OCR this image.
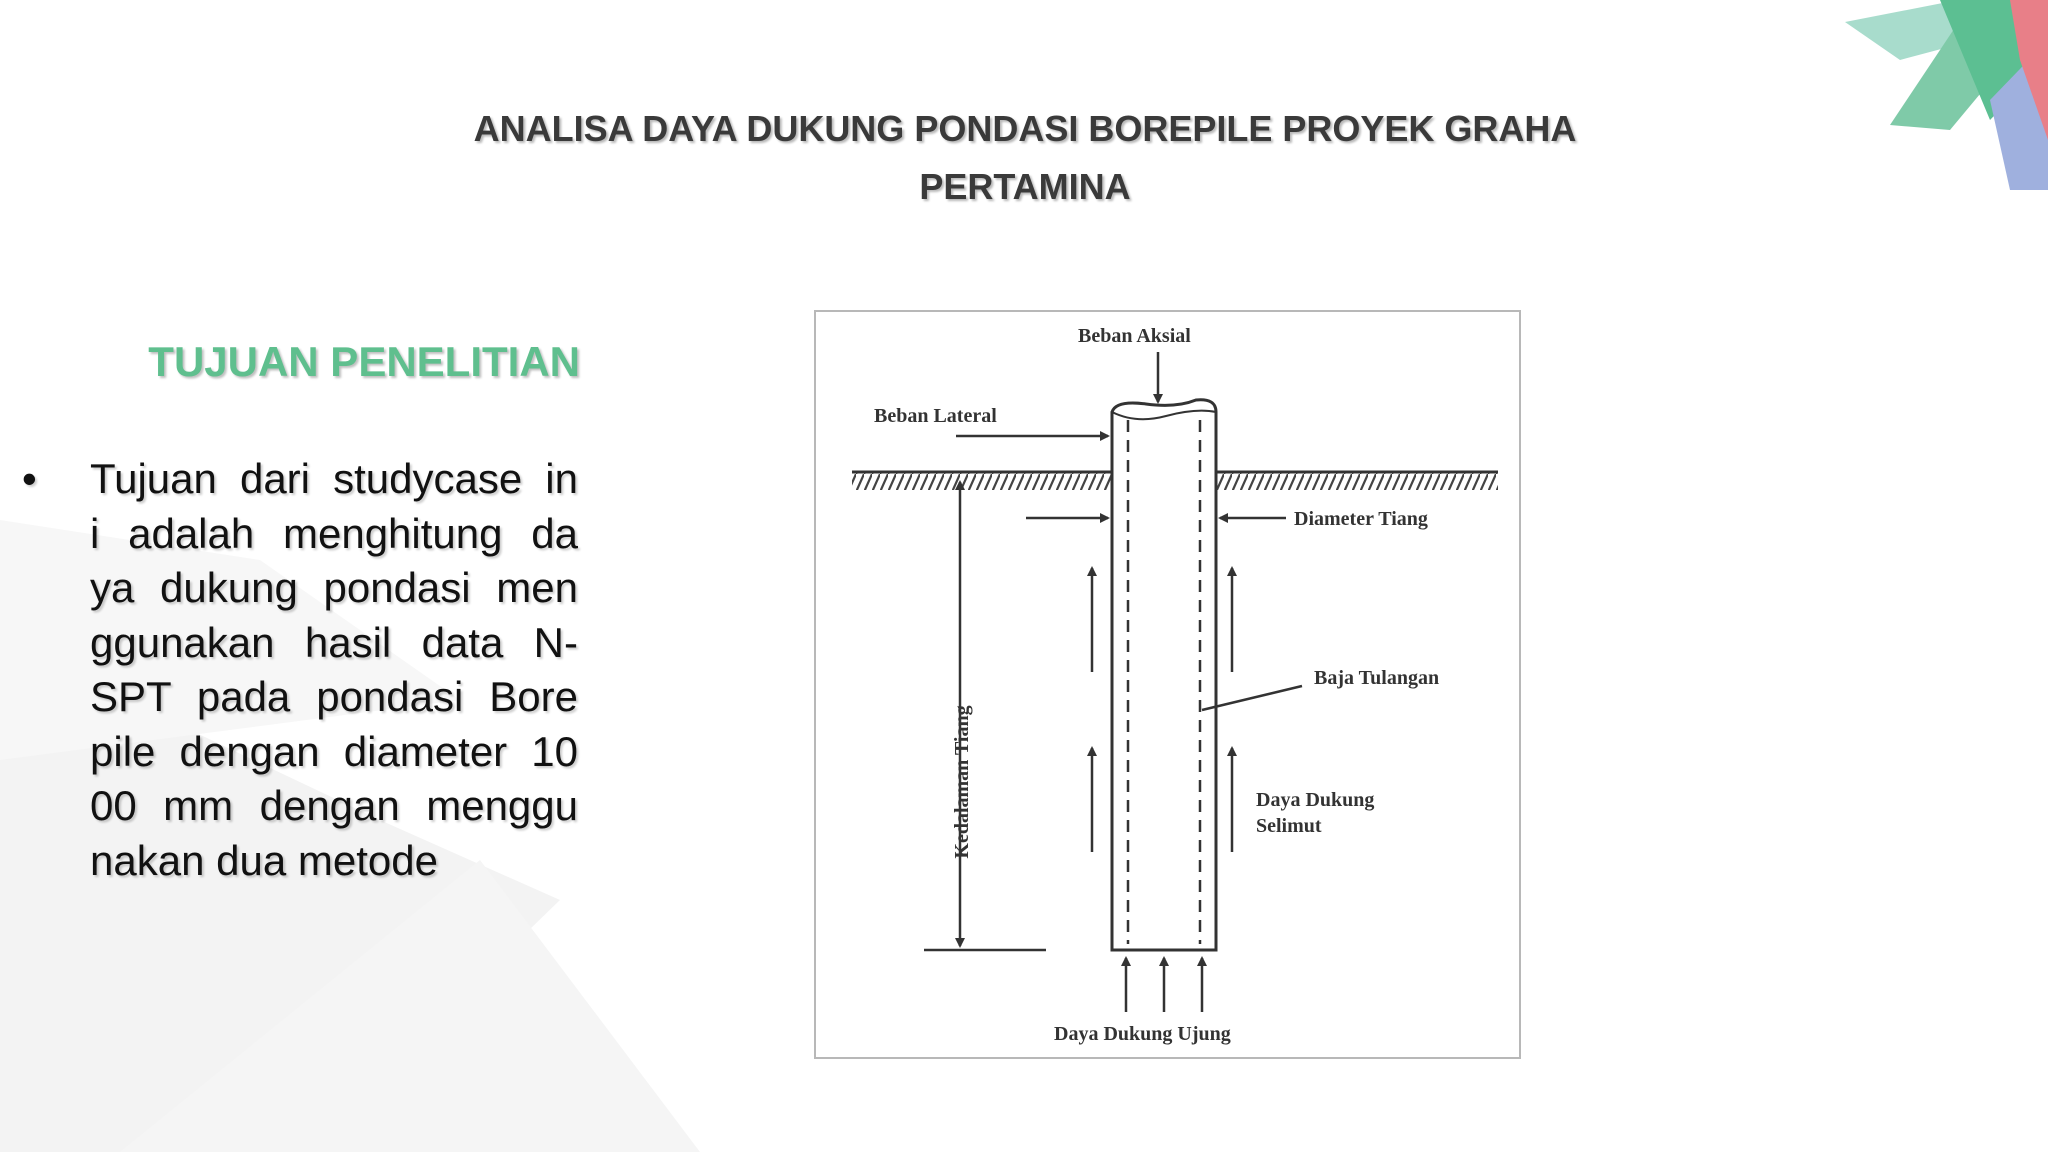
ANALISA DAYA DUKUNG PONDASI BOREPILE PROYEK GRAHA
PERTAMINA
TUJUAN PENELITIAN
•	Tujuan dari studycase in
i adalah menghitung da
ya dukung pondasi men
ggunakan hasil data N-
SPT pada pondasi Bore
pile dengan diameter 10
00 mm dengan menggu
nakan dua metode
Beban Aksial
Beban Lateral
Diameter Tiang
Kedalaman Tiang
Baja Tulangan
Daya Dukung
Selimut
Daya Dukung Ujung
